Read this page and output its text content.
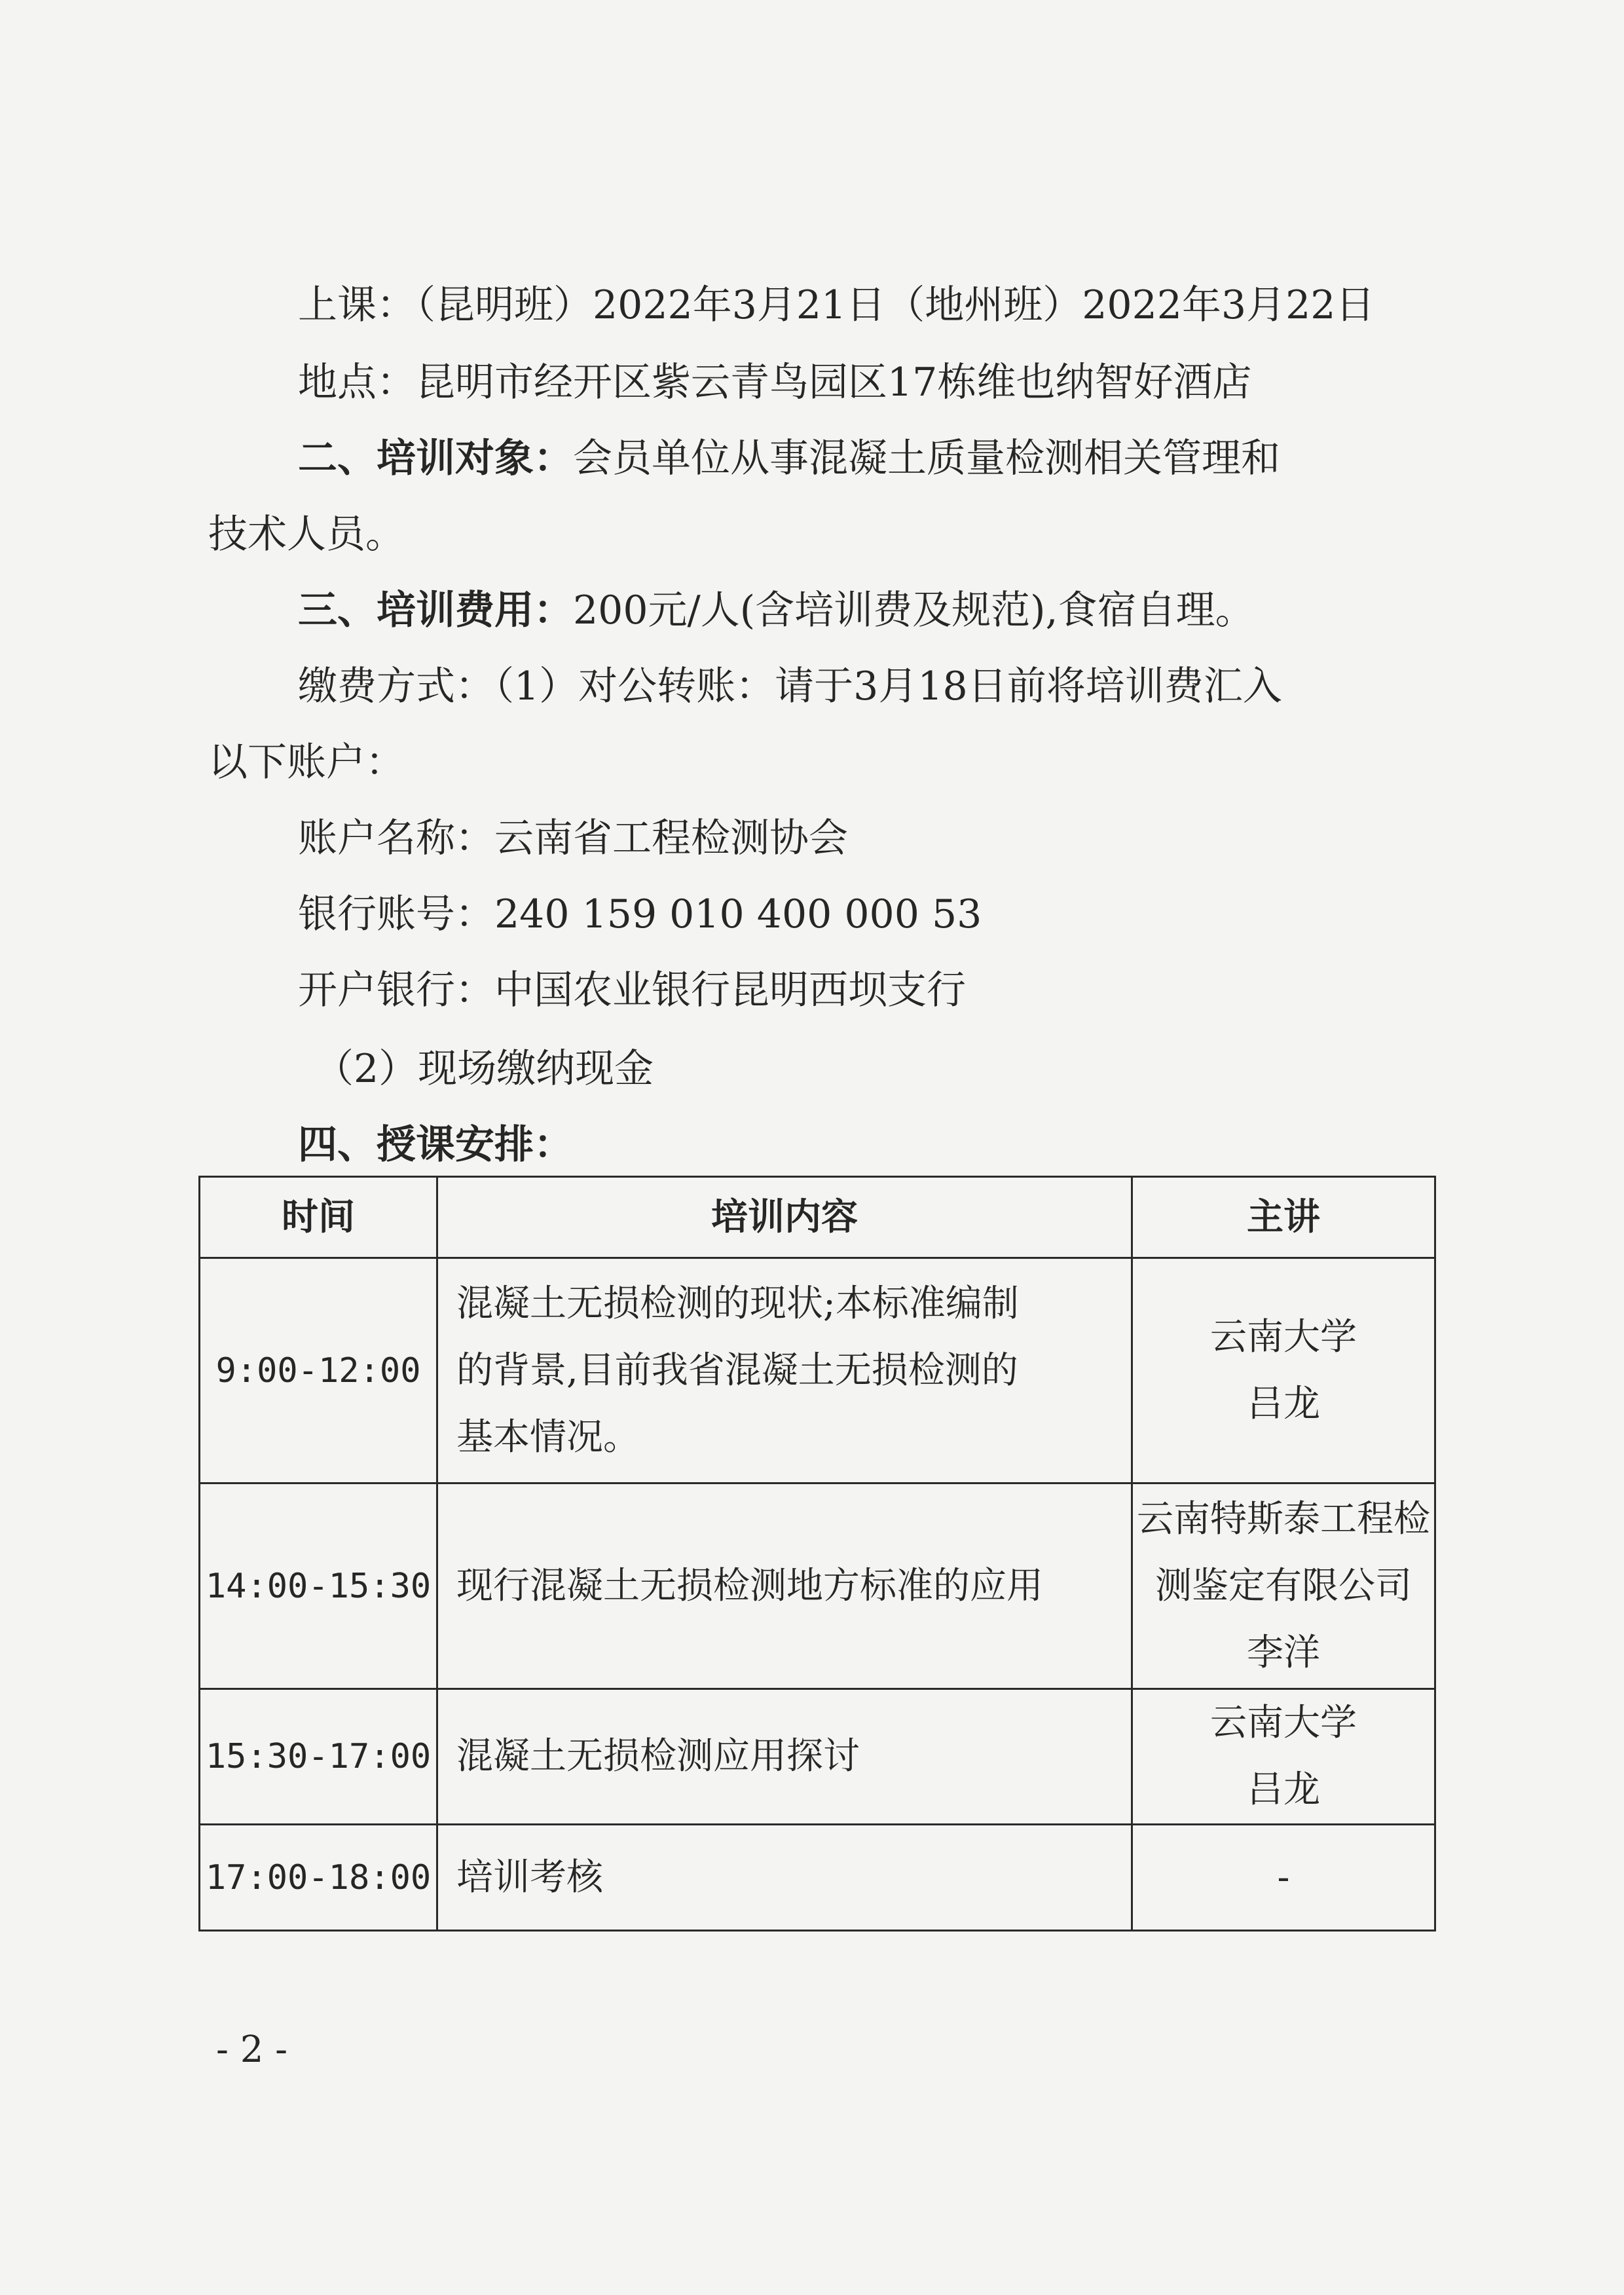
上课：（昆明班）2022年3月21日（地州班）2022年3月22日
地点：昆明市经开区紫云青鸟园区17栋维也纳智好酒店
二、培训对象：会员单位从事混凝土质量检测相关管理和
技术人员。
三、培训费用：200元/人(含培训费及规范),食宿自理。
缴费方式：（1）对公转账：请于3月18日前将培训费汇入
以下账户：
账户名称：云南省工程检测协会
银行账号：240 159 010 400 000 53
开户银行：中国农业银行昆明西坝支行
（2）现场缴纳现金
四、授课安排：
时间	培训内容	主讲
9:00-12:00	混凝土无损检测的现状;本标准编制
的背景,目前我省混凝土无损检测的
基本情况。	云南大学
吕龙

14:00-15:30	现行混凝土无损检测地方标准的应用	云南特斯泰工程检
测鉴定有限公司
李洋

15:30-17:00	混凝土无损检测应用探讨	云南大学
吕龙

17:00-18:00	培训考核	-
- 2 -
